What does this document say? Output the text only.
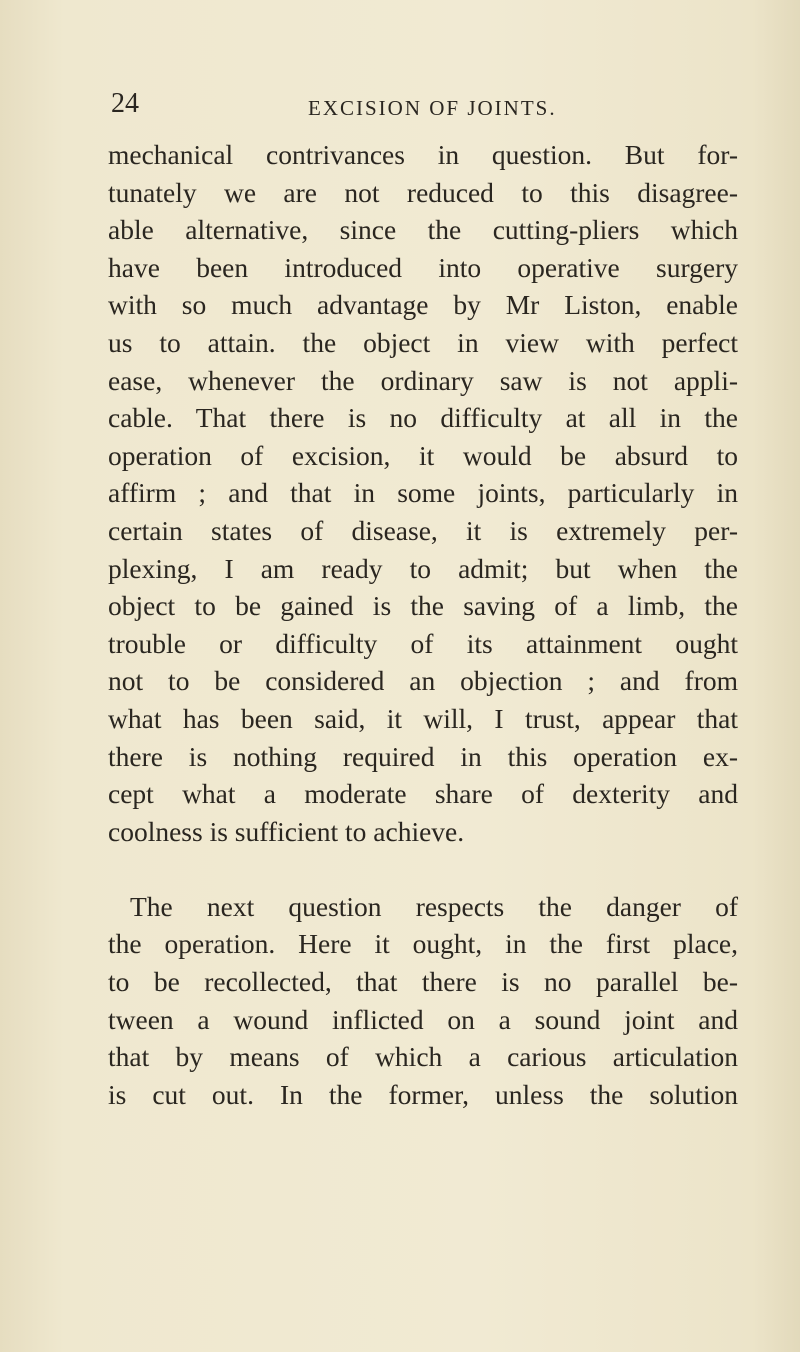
24	EXCISION OF JOINTS.
mechanical contrivances in question. But for-
tunately we are not reduced to this disagree-
able alternative, since the cutting-pliers which
have been introduced into operative surgery
with so much advantage by Mr Liston, enable
us to attain. the object in view with perfect
ease, whenever the ordinary saw is not appli-
cable. That there is no difficulty at all in the
operation of excision, it would be absurd to
affirm ; and that in some joints, particularly in
certain states of disease, it is extremely per-
plexing, I am ready to admit; but when the
object to be gained is the saving of a limb, the
trouble or difficulty of its attainment ought
not to be considered an objection ; and from
what has been said, it will, I trust, appear that
there is nothing required in this operation ex-
cept what a moderate share of dexterity and
coolness is sufficient to achieve.
The next question respects the danger of
the operation. Here it ought, in the first place,
to be recollected, that there is no parallel be-
tween a wound inflicted on a sound joint and
that by means of which a carious articulation
is cut out. In the former, unless the solution
